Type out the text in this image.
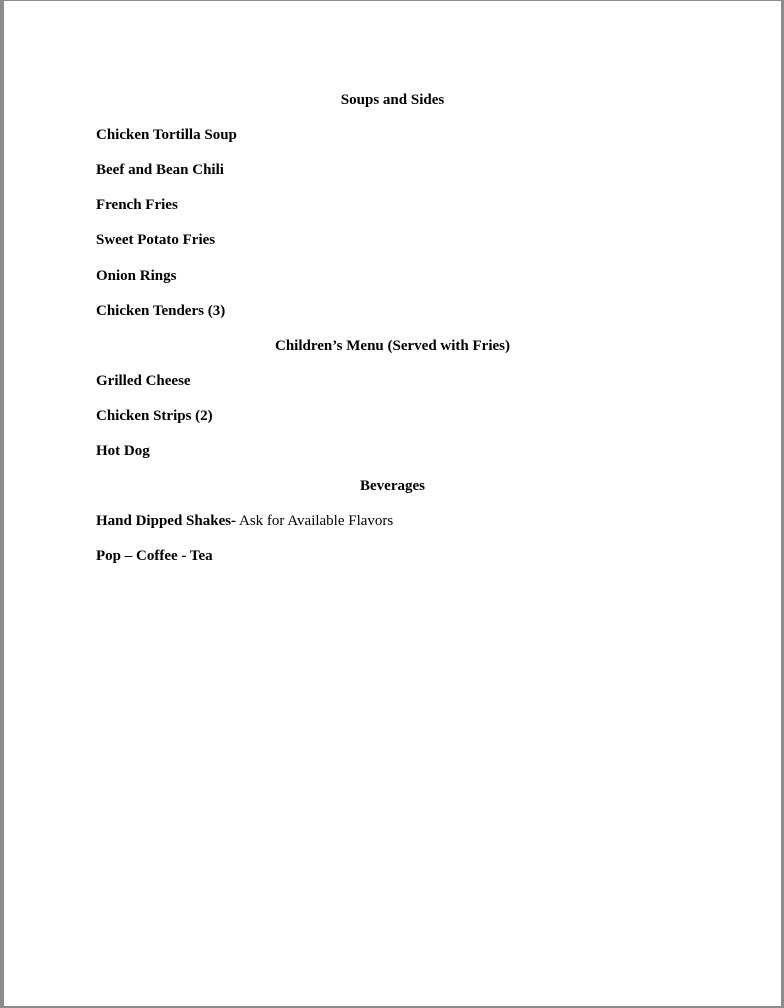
Soups and Sides
Chicken Tortilla Soup
Beef and Bean Chili
French Fries
Sweet Potato Fries
Onion Rings
Chicken Tenders (3)
Children’s Menu (Served with Fries)
Grilled Cheese
Chicken Strips (2)
Hot Dog
Beverages
Hand Dipped Shakes- Ask for Available Flavors
Pop – Coffee - Tea
